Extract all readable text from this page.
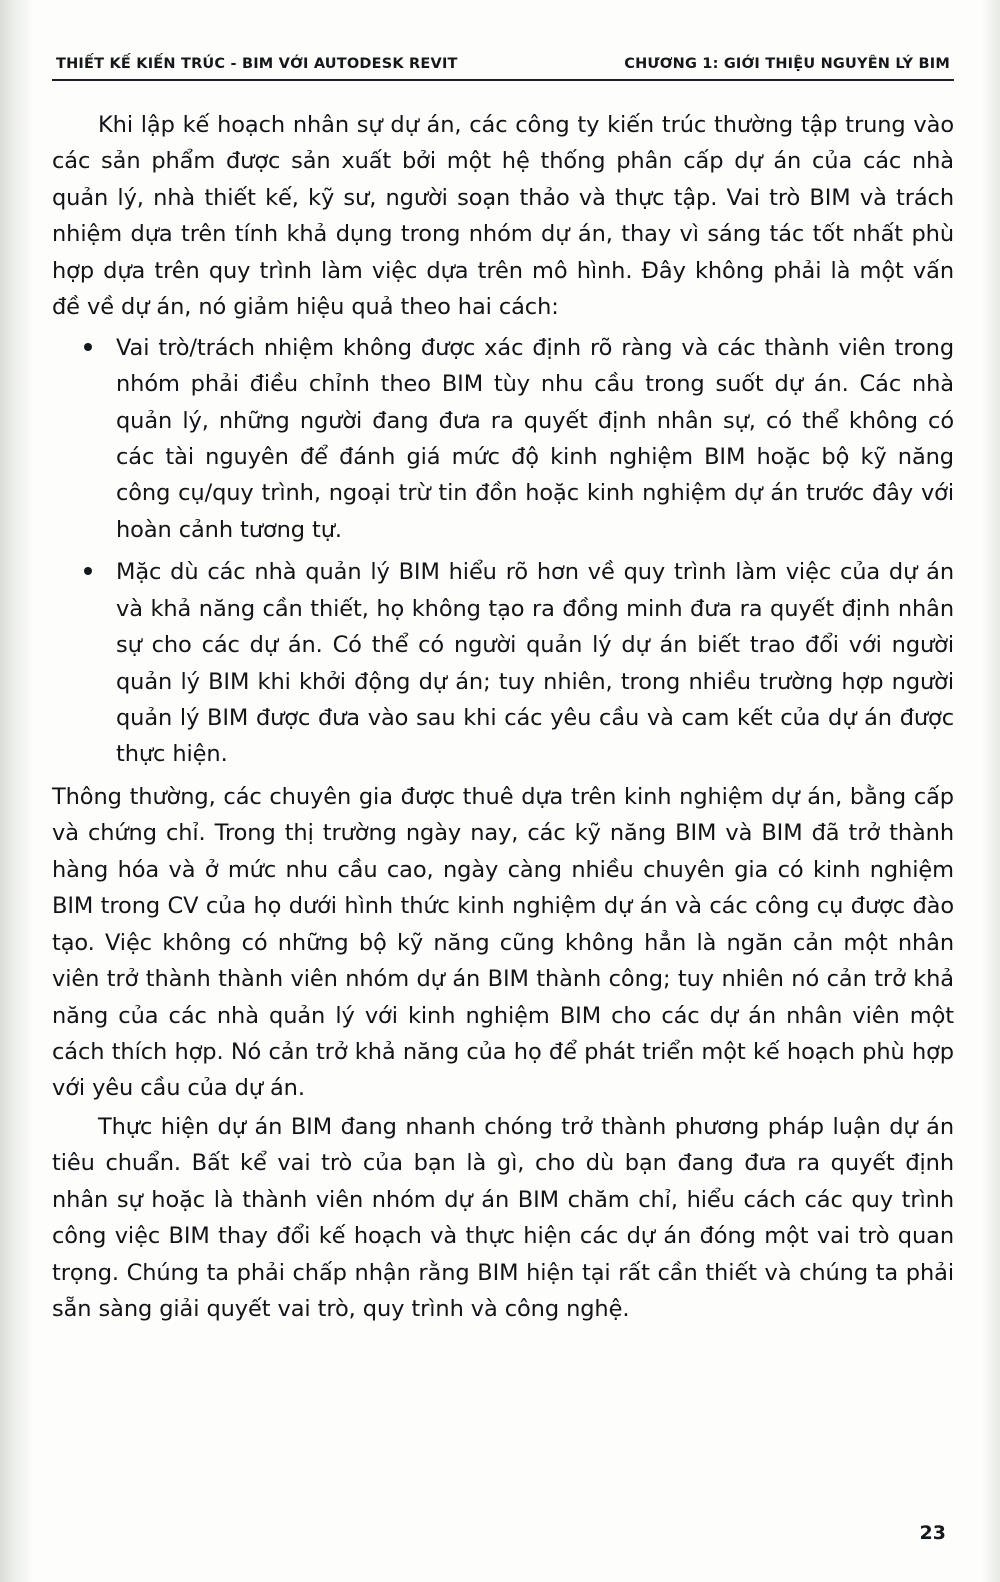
THIẾT KẾ KIẾN TRÚC - BIM VỚI AUTODESK REVIT	CHƯƠNG 1: GIỚI THIỆU NGUYÊN LÝ BIM

Khi lập kế hoạch nhân sự dự án, các công ty kiến trúc thường tập trung vào các sản phẩm được sản xuất bởi một hệ thống phân cấp dự án của các nhà quản lý, nhà thiết kế, kỹ sư, người soạn thảo và thực tập. Vai trò BIM và trách nhiệm dựa trên tính khả dụng trong nhóm dự án, thay vì sáng tác tốt nhất phù hợp dựa trên quy trình làm việc dựa trên mô hình. Đây không phải là một vấn đề về dự án, nó giảm hiệu quả theo hai cách:

Vai trò/trách nhiệm không được xác định rõ ràng và các thành viên trong nhóm phải điều chỉnh theo BIM tùy nhu cầu trong suốt dự án. Các nhà quản lý, những người đang đưa ra quyết định nhân sự, có thể không có các tài nguyên để đánh giá mức độ kinh nghiệm BIM hoặc bộ kỹ năng công cụ/quy trình, ngoại trừ tin đồn hoặc kinh nghiệm dự án trước đây với hoàn cảnh tương tự.
Mặc dù các nhà quản lý BIM hiểu rõ hơn về quy trình làm việc của dự án và khả năng cần thiết, họ không tạo ra đồng minh đưa ra quyết định nhân sự cho các dự án. Có thể có người quản lý dự án biết trao đổi với người quản lý BIM khi khởi động dự án; tuy nhiên, trong nhiều trường hợp người quản lý BIM được đưa vào sau khi các yêu cầu và cam kết của dự án được thực hiện.

Thông thường, các chuyên gia được thuê dựa trên kinh nghiệm dự án, bằng cấp và chứng chỉ. Trong thị trường ngày nay, các kỹ năng BIM và BIM đã trở thành hàng hóa và ở mức nhu cầu cao, ngày càng nhiều chuyên gia có kinh nghiệm BIM trong CV của họ dưới hình thức kinh nghiệm dự án và các công cụ được đào tạo. Việc không có những bộ kỹ năng cũng không hẳn là ngăn cản một nhân viên trở thành thành viên nhóm dự án BIM thành công; tuy nhiên nó cản trở khả năng của các nhà quản lý với kinh nghiệm BIM cho các dự án nhân viên một cách thích hợp. Nó cản trở khả năng của họ để phát triển một kế hoạch phù hợp với yêu cầu của dự án.

Thực hiện dự án BIM đang nhanh chóng trở thành phương pháp luận dự án tiêu chuẩn. Bất kể vai trò của bạn là gì, cho dù bạn đang đưa ra quyết định nhân sự hoặc là thành viên nhóm dự án BIM chăm chỉ, hiểu cách các quy trình công việc BIM thay đổi kế hoạch và thực hiện các dự án đóng một vai trò quan trọng. Chúng ta phải chấp nhận rằng BIM hiện tại rất cần thiết và chúng ta phải sẵn sàng giải quyết vai trò, quy trình và công nghệ.

23
